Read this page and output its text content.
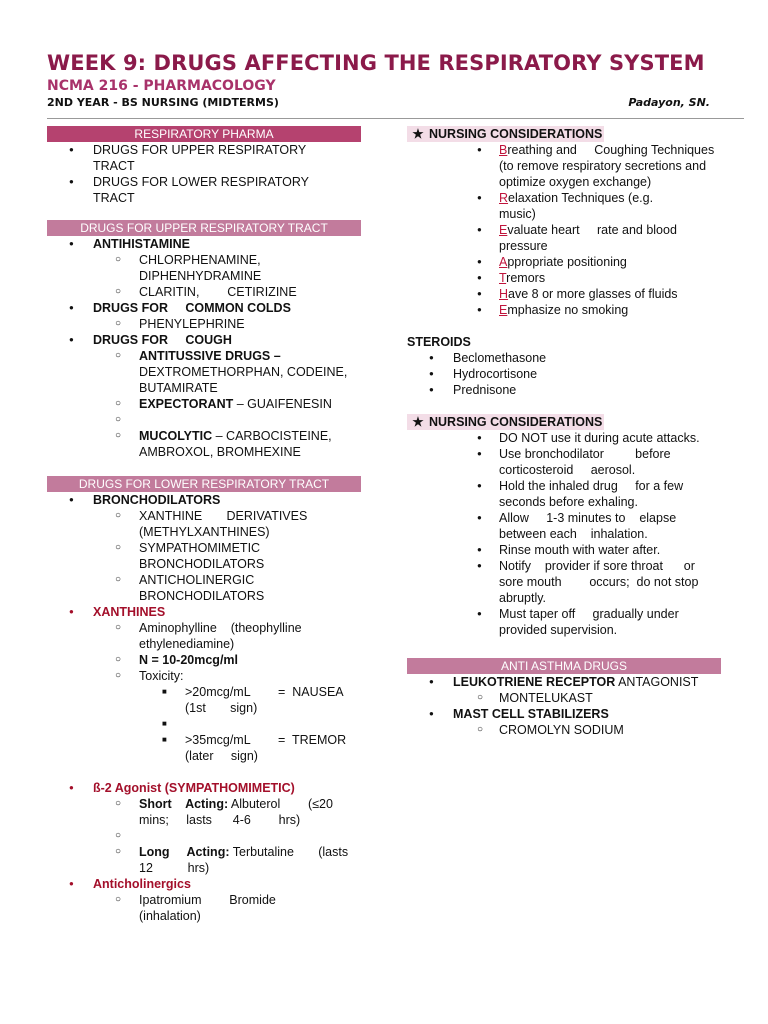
WEEK 9: DRUGS AFFECTING THE RESPIRATORY SYSTEM
NCMA 216 - PHARMACOLOGY
2ND YEAR - BS NURSING (MIDTERMS)	Padayon, SN.
RESPIRATORY PHARMA
● DRUGS FOR UPPER RESPIRATORY TRACT
● DRUGS FOR LOWER RESPIRATORY TRACT
DRUGS FOR UPPER RESPIRATORY TRACT
● ANTIHISTAMINE
○ CHLORPHENAMINE, DIPHENHYDRAMINE
○ CLARITIN,        CETIRIZINE
● DRUGS FOR     COMMON COLDS
○ PHENYLEPHRINE
● DRUGS FOR     COUGH
○ ANTITUSSIVE DRUGS – DEXTROMETHORPHAN, CODEINE, BUTAMIRATE
○ EXPECTORANT – GUAIFENESIN
○
○ MUCOLYTIC – CARBOCISTEINE, AMBROXOL, BROMHEXINE
DRUGS FOR LOWER RESPIRATORY TRACT
● BRONCHODILATORS
○ XANTHINE       DERIVATIVES (METHYLXANTHINES)
○ SYMPATHOMIMETIC BRONCHODILATORS
○ ANTICHOLINERGIC BRONCHODILATORS
● XANTHINES
○ Aminophylline    (theophylline ethylenediamine)
○ N = 10-20mcg/ml
○ Toxicity:
■ >20mcg/mL        =  NAUSEA          (1st       sign)
■
■ >35mcg/mL        =  TREMOR          (later     sign)
● ß-2 Agonist (SYMPATHOMIMETIC)
○ Short    Acting: Albuterol        (≤20 mins;     lasts      4-6        hrs)
○
○ Long     Acting: Terbutaline       (lasts 12          hrs)
● Anticholinergics
○ Ipatromium        Bromide (inhalation)
★ NURSING CONSIDERATIONS
● Breathing and     Coughing Techniques              (to remove respiratory secretions and optimize oxygen exchange)
● Relaxation Techniques (e.g. music)
● Evaluate heart     rate and blood pressure
● Appropriate positioning
● Tremors
● Have 8 or more glasses of fluids
● Emphasize no smoking
STEROIDS
● Beclomethasone
● Hydrocortisone
● Prednisone
★ NURSING CONSIDERATIONS
● DO NOT use it during acute attacks.
● Use bronchodilator         before corticosteroid     aerosol.
● Hold the inhaled drug     for a few seconds before exhaling.
● Allow     1-3 minutes to    elapse between each    inhalation.
● Rinse mouth with water after.
● Notify    provider if sore throat      or sore mouth        occurs;  do not stop abruptly.
● Must taper off     gradually under provided supervision.
ANTI ASTHMA DRUGS
● LEUKOTRIENE RECEPTOR ANTAGONIST
○ MONTELUKAST
● MAST CELL STABILIZERS
○ CROMOLYN SODIUM
